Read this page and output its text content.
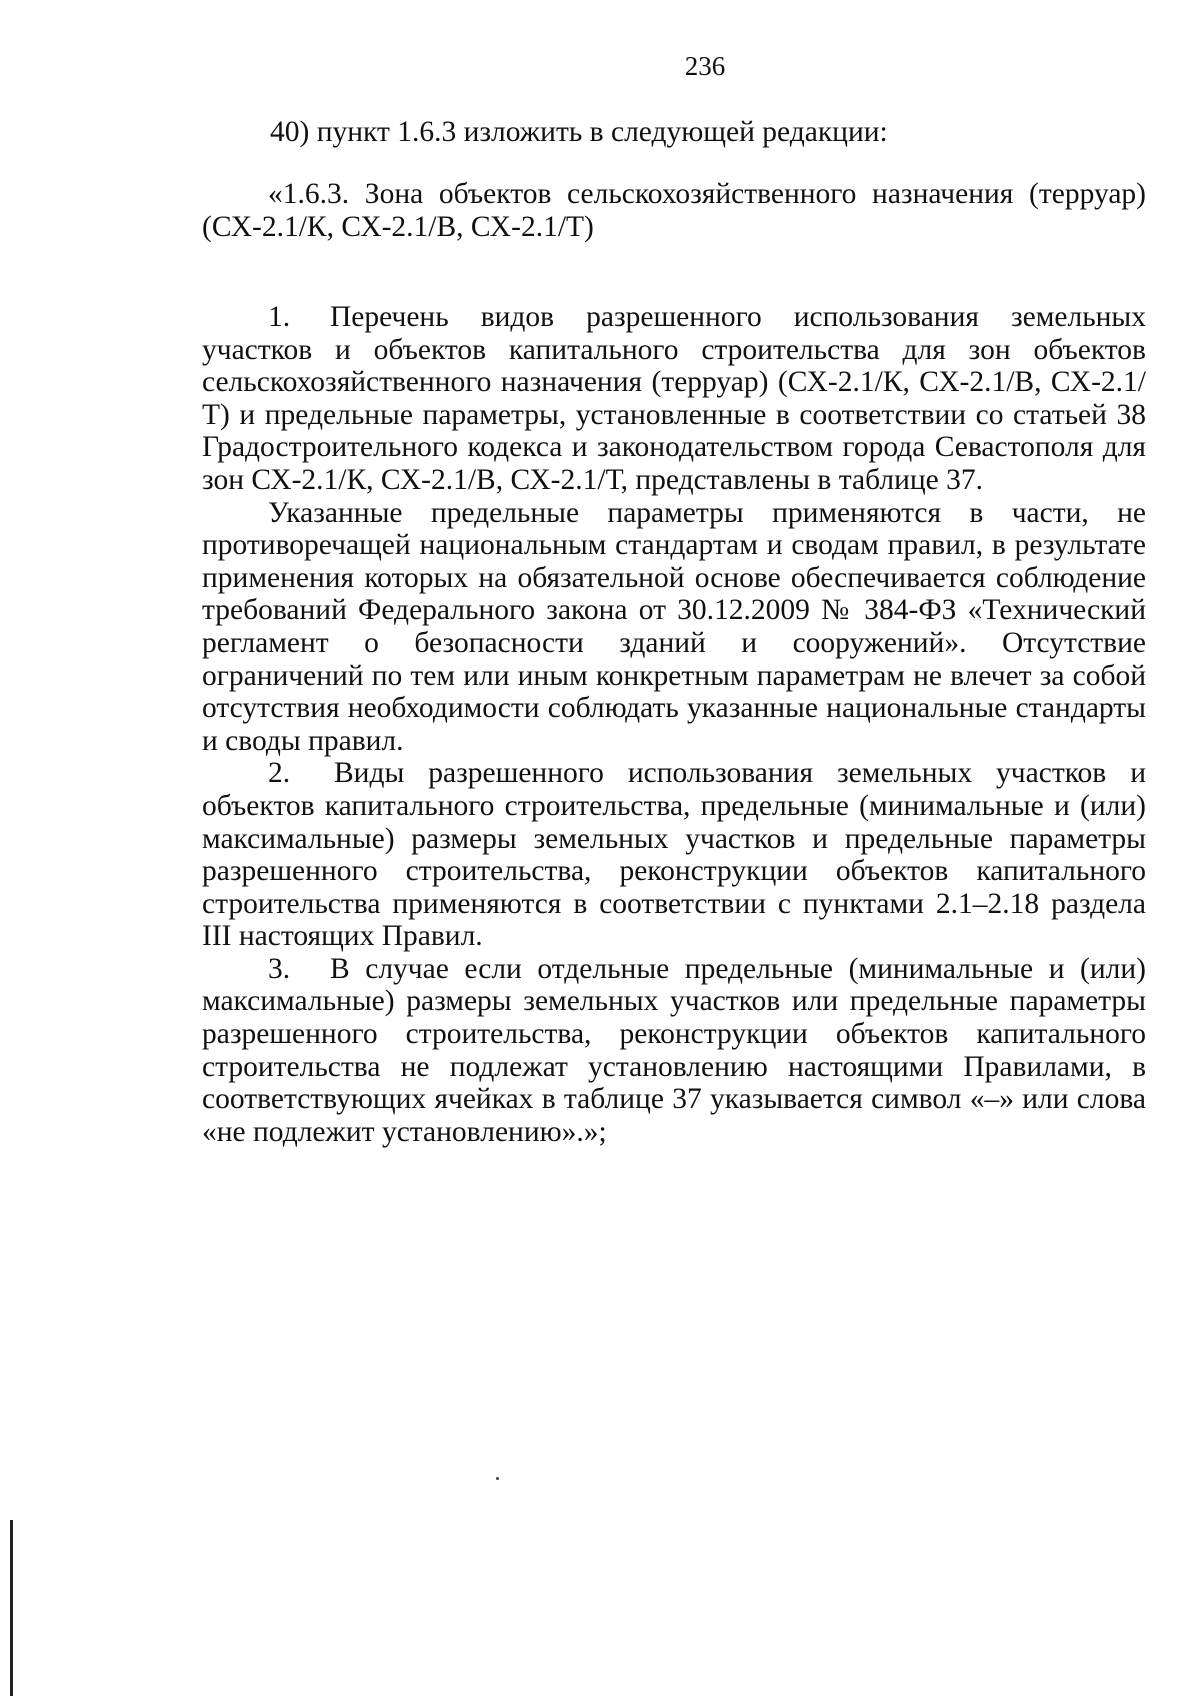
236
40) пункт 1.6.3 изложить в следующей редакции:
«1.6.3. Зона объектов сельскохозяйственного назначения (терруар) (СХ-2.1/К, СХ-2.1/В, СХ-2.1/Т)

1. Перечень видов разрешенного использования земельных участков и объектов капитального строительства для зон объектов сельскохозяйственного назначения (терруар) (СХ-2.1/К, СХ-2.1/В, СХ-2.1/Т) и предельные параметры, установленные в соответствии со статьей 38 Градостроительного кодекса и законодательством города Севастополя для зон СХ-2.1/К, СХ-2.1/В, СХ-2.1/Т, представлены в таблице 37.

Указанные предельные параметры применяются в части, не противоречащей национальным стандартам и сводам правил, в результате применения которых на обязательной основе обеспечивается соблюдение требований Федерального закона от 30.12.2009 № 384-ФЗ «Технический регламент о безопасности зданий и сооружений». Отсутствие ограничений по тем или иным конкретным параметрам не влечет за собой отсутствия необходимости соблюдать указанные национальные стандарты и своды правил.

2. Виды разрешенного использования земельных участков и объектов капитального строительства, предельные (минимальные и (или) максимальные) размеры земельных участков и предельные параметры разрешенного строительства, реконструкции объектов капитального строительства применяются в соответствии с пунктами 2.1–2.18 раздела III настоящих Правил.

3. В случае если отдельные предельные (минимальные и (или) максимальные) размеры земельных участков или предельные параметры разрешенного строительства, реконструкции объектов капитального строительства не подлежат установлению настоящими Правилами, в соответствующих ячейках в таблице 37 указывается символ «–» или слова «не подлежит установлению».»;
